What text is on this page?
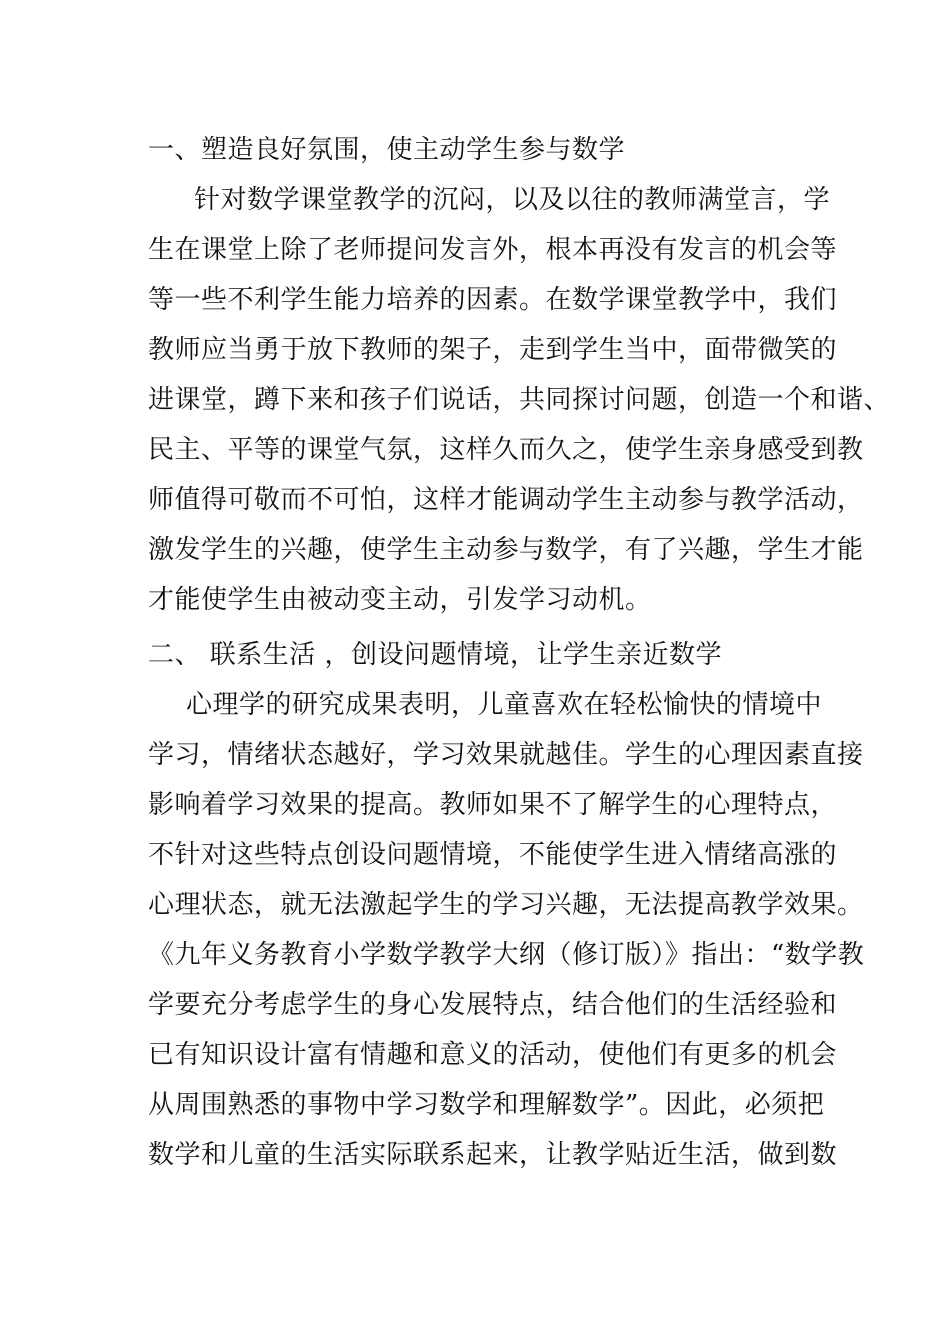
一、塑造良好氛围，使主动学生参与数学
针对数学课堂教学的沉闷，以及以往的教师满堂言，学
生在课堂上除了老师提问发言外，根本再没有发言的机会等
等一些不利学生能力培养的因素。在数学课堂教学中，我们
教师应当勇于放下教师的架子，走到学生当中，面带微笑的
进课堂，蹲下来和孩子们说话，共同探讨问题，创造一个和谐、
民主、平等的课堂气氛，这样久而久之，使学生亲身感受到教
师值得可敬而不可怕，这样才能调动学生主动参与教学活动，
激发学生的兴趣，使学生主动参与数学，有了兴趣，学生才能
才能使学生由被动变主动，引发学习动机。
二、 联系生活 ，创设问题情境，让学生亲近数学
心理学的研究成果表明，儿童喜欢在轻松愉快的情境中
学习，情绪状态越好，学习效果就越佳。学生的心理因素直接
影响着学习效果的提高。教师如果不了解学生的心理特点，
不针对这些特点创设问题情境，不能使学生进入情绪高涨的
心理状态，就无法激起学生的学习兴趣，无法提高教学效果。
《九年义务教育小学数学教学大纲（修订版）》指出：“数学教
学要充分考虑学生的身心发展特点，结合他们的生活经验和
已有知识设计富有情趣和意义的活动，使他们有更多的机会
从周围熟悉的事物中学习数学和理解数学”。因此，必须把
数学和儿童的生活实际联系起来，让教学贴近生活，做到数
